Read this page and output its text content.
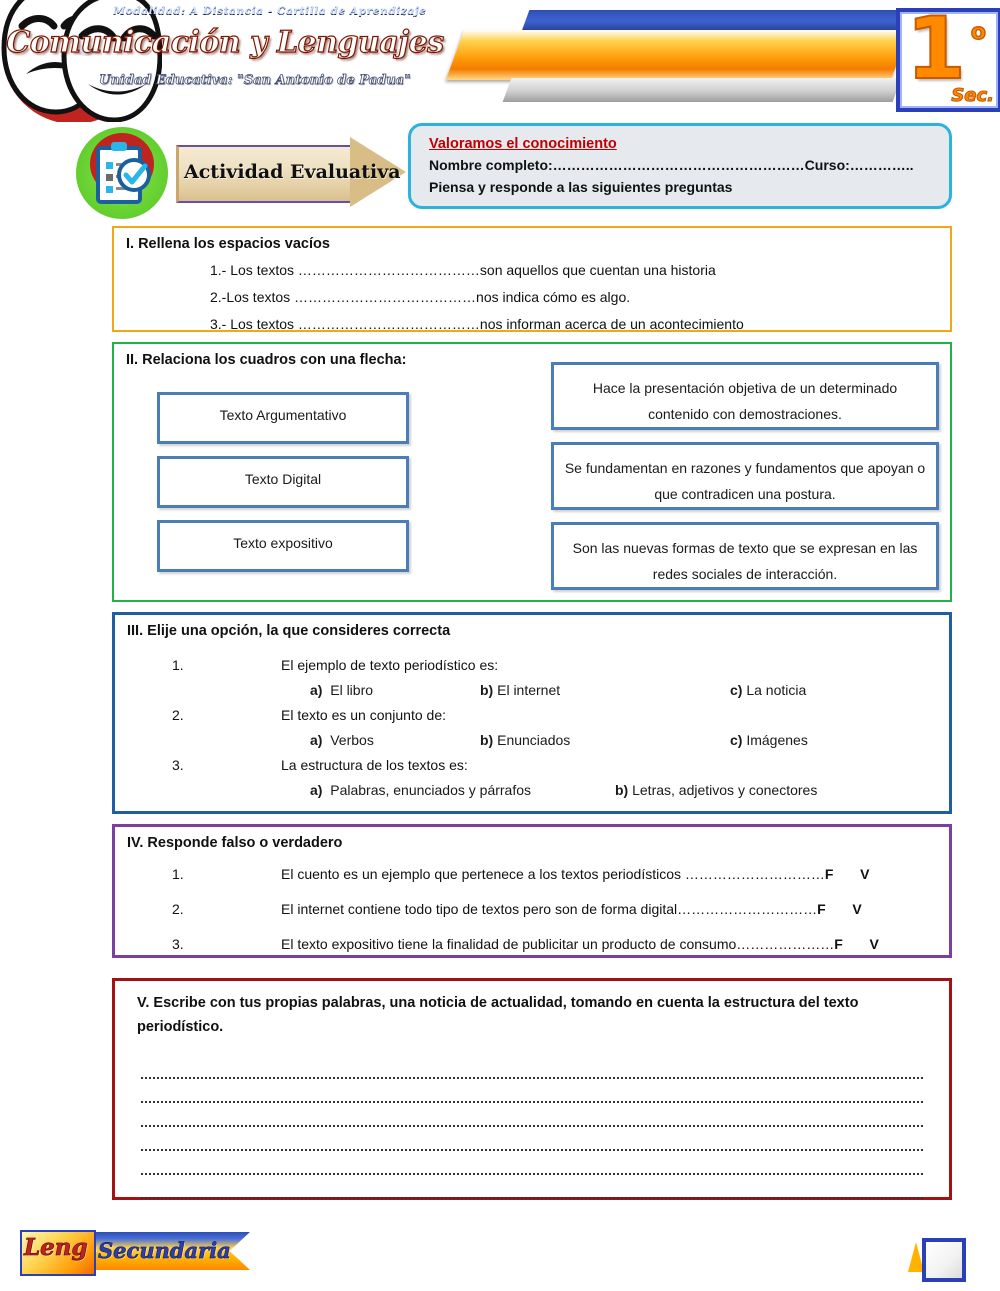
Modalidad: A Distancia - Cartilla de Aprendizaje
Comunicación y Lenguajes
Unidad Educativa: "San Antonio de Padua"	1 o
Sec.
Actividad Evaluativa
Valoramos el conocimiento
Nombre completo:………………………………………………Curso:…………..
Piensa y responde a las siguientes preguntas
I. Rellena los espacios vacíos
1.- Los textos …………………………………son aquellos que cuentan una historia
2.-Los textos …………………………………nos indica cómo es algo.
3.- Los textos …………………………………nos informan acerca de un acontecimiento
II. Relaciona los cuadros con una flecha:
Texto Argumentativo
Texto Digital
Texto expositivo
Hace la presentación objetiva de un determinado contenido con demostraciones.
Se fundamentan en razones y fundamentos que apoyan o que contradicen una postura.
Son las nuevas formas de texto que se expresan en las redes sociales de interacción.
III. Elije una opción, la que consideres correcta
1.	El ejemplo de texto periodístico es:
a) El libro	b) El internet	c) La noticia
2.	El texto es un conjunto de:
a) Verbos	b) Enunciados	c) Imágenes
3.	La estructura de los textos es:
a) Palabras, enunciados y párrafos	b) Letras, adjetivos y conectores
IV. Responde falso o verdadero
1.	El cuento es un ejemplo que pertenece a los textos periodísticos …………………………F V
2.	El internet contiene todo tipo de textos pero son de forma digital…………………………F V
3.	El texto expositivo tiene la finalidad de publicitar un producto de consumo…………………F V
V. Escribe con tus propias palabras, una noticia de actualidad, tomando en cuenta la estructura del texto periodístico.
Leng Secundaria
